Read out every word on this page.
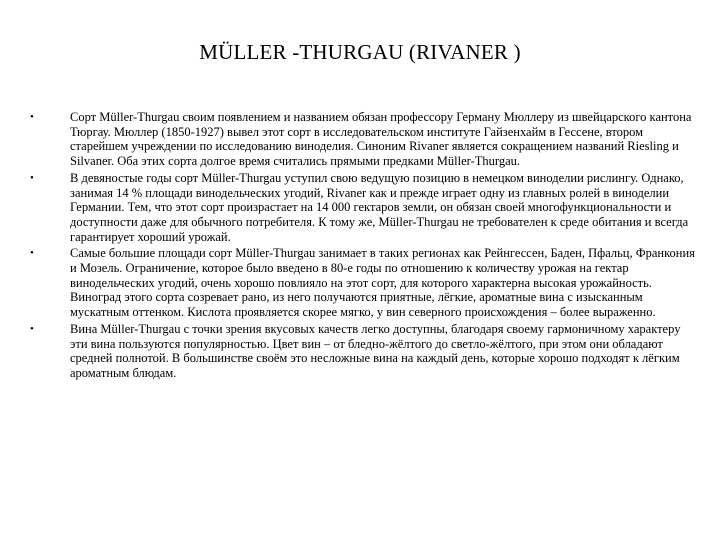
MÜLLER -THURGAU (RIVANER )
•	Сорт Müller-Thurgau своим появлением и названием обязан профессору Герману Мюллеру из швейцарского кантона Тюргау. Мюллер (1850-1927) вывел этот сорт в исследовательском институте Гайзенхайм в Гессене, втором старейшем учреждении по исследованию виноделия. Синоним Rivaner является сокращением названий Riesling и Silvaner. Оба этих сорта долгое время считались прямыми предками Müller-Thurgau.
•	В девяностые годы сорт Müller-Thurgau уступил свою ведущую позицию в немецком виноделии рислингу. Однако, занимая 14 % площади винодельческих угодий, Rivaner как и прежде играет одну из главных ролей в виноделии Германии. Тем, что этот сорт произрастает на 14 000 гектаров земли, он обязан своей многофункциональности и доступности даже для обычного потребителя. К тому же, Müller-Thurgau не требователен к среде обитания и всегда гарантирует хороший урожай.
•	Самые большие площади сорт Müller-Thurgau занимает в таких регионах как Рейнгессен, Баден, Пфальц, Франкония и Мозель. Ограничение, которое было введено в 80-е годы по отношению к количеству урожая на гектар винодельческих угодий, очень хорошо повлияло на этот сорт, для которого характерна высокая урожайность. Виноград этого сорта созревает рано, из него получаются приятные, лёгкие, ароматные вина с изысканным мускатным оттенком. Кислота проявляется скорее мягко, у вин северного происхождения – более выраженно.
•	Вина Müller-Thurgau с точки зрения вкусовых качеств легко доступны, благодаря своему гармоничному характеру эти вина пользуются популярностью. Цвет вин – от бледно-жёлтого до светло-жёлтого, при этом они обладают средней полнотой. В большинстве своём это несложные вина на каждый день, которые хорошо подходят к лёгким ароматным блюдам.
